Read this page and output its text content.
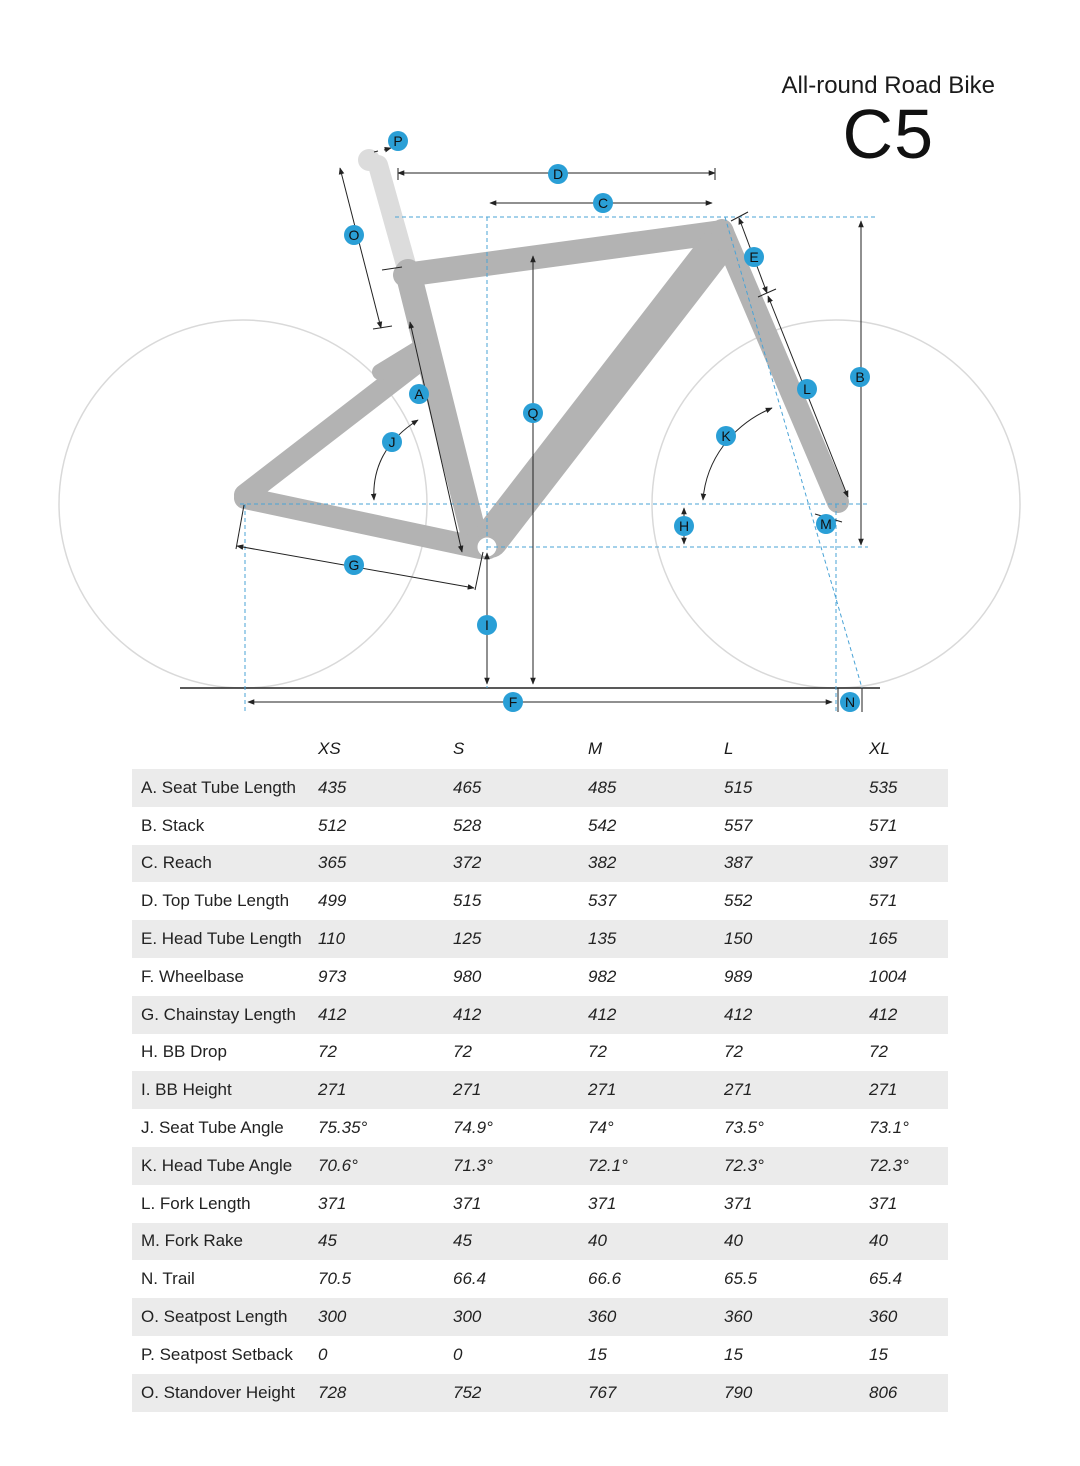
All-round Road Bike
C5
P
D
C
O
E
B
L
A
Q
K
J
H	M
G
I
F	N
	XS	S	M	L	XL
A. Seat Tube Length	435	465	485	515	535
B. Stack	512	528	542	557	571
C. Reach	365	372	382	387	397
D. Top Tube Length	499	515	537	552	571
E. Head Tube Length	110	125	135	150	165
F. Wheelbase	973	980	982	989	1004
G. Chainstay Length	412	412	412	412	412
H. BB Drop	72	72	72	72	72
I. BB Height	271	271	271	271	271
J. Seat Tube Angle	75.35°	74.9°	74°	73.5°	73.1°
K. Head Tube Angle	70.6°	71.3°	72.1°	72.3°	72.3°
L. Fork Length	371	371	371	371	371
M. Fork Rake	45	45	40	40	40
N. Trail	70.5	66.4	66.6	65.5	65.4
O. Seatpost Length	300	300	360	360	360
P. Seatpost Setback	0	0	15	15	15
O. Standover Height	728	752	767	790	806
